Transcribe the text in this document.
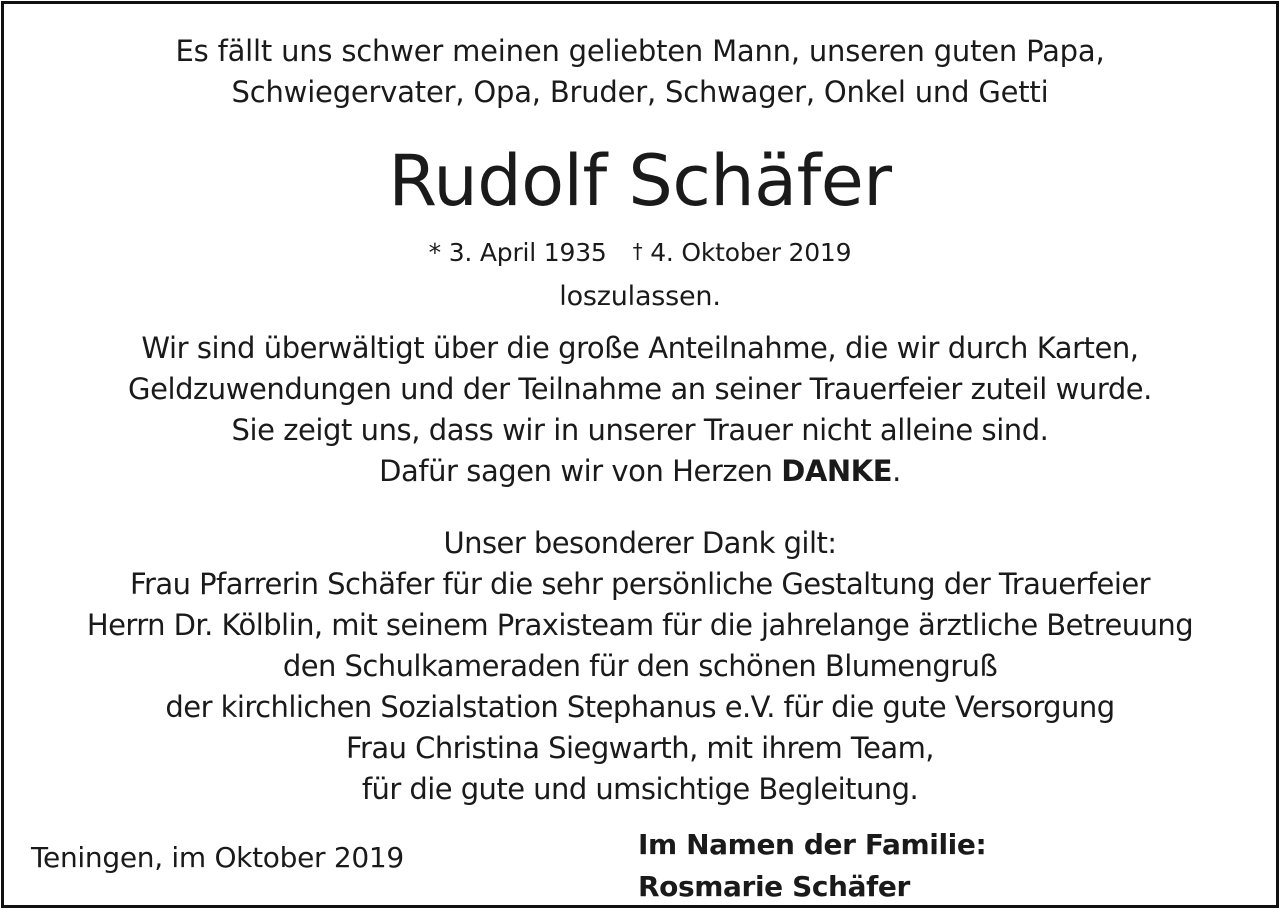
Es fällt uns schwer meinen geliebten Mann, unseren guten Papa,
Schwiegervater, Opa, Bruder, Schwager, Onkel und Getti
Rudolf Schäfer
* 3. April 1935 † 4. Oktober 2019
loszulassen.
Wir sind überwältigt über die große Anteilnahme, die wir durch Karten,
Geldzuwendungen und der Teilnahme an seiner Trauerfeier zuteil wurde.
Sie zeigt uns, dass wir in unserer Trauer nicht alleine sind.
Dafür sagen wir von Herzen DANKE.
Unser besonderer Dank gilt:
Frau Pfarrerin Schäfer für die sehr persönliche Gestaltung der Trauerfeier
Herrn Dr. Kölblin, mit seinem Praxisteam für die jahrelange ärztliche Betreuung
den Schulkameraden für den schönen Blumengruß
der kirchlichen Sozialstation Stephanus e.V. für die gute Versorgung
Frau Christina Siegwarth, mit ihrem Team,
für die gute und umsichtige Begleitung.
Teningen, im Oktober 2019	Im Namen der Familie:
Rosmarie Schäfer
